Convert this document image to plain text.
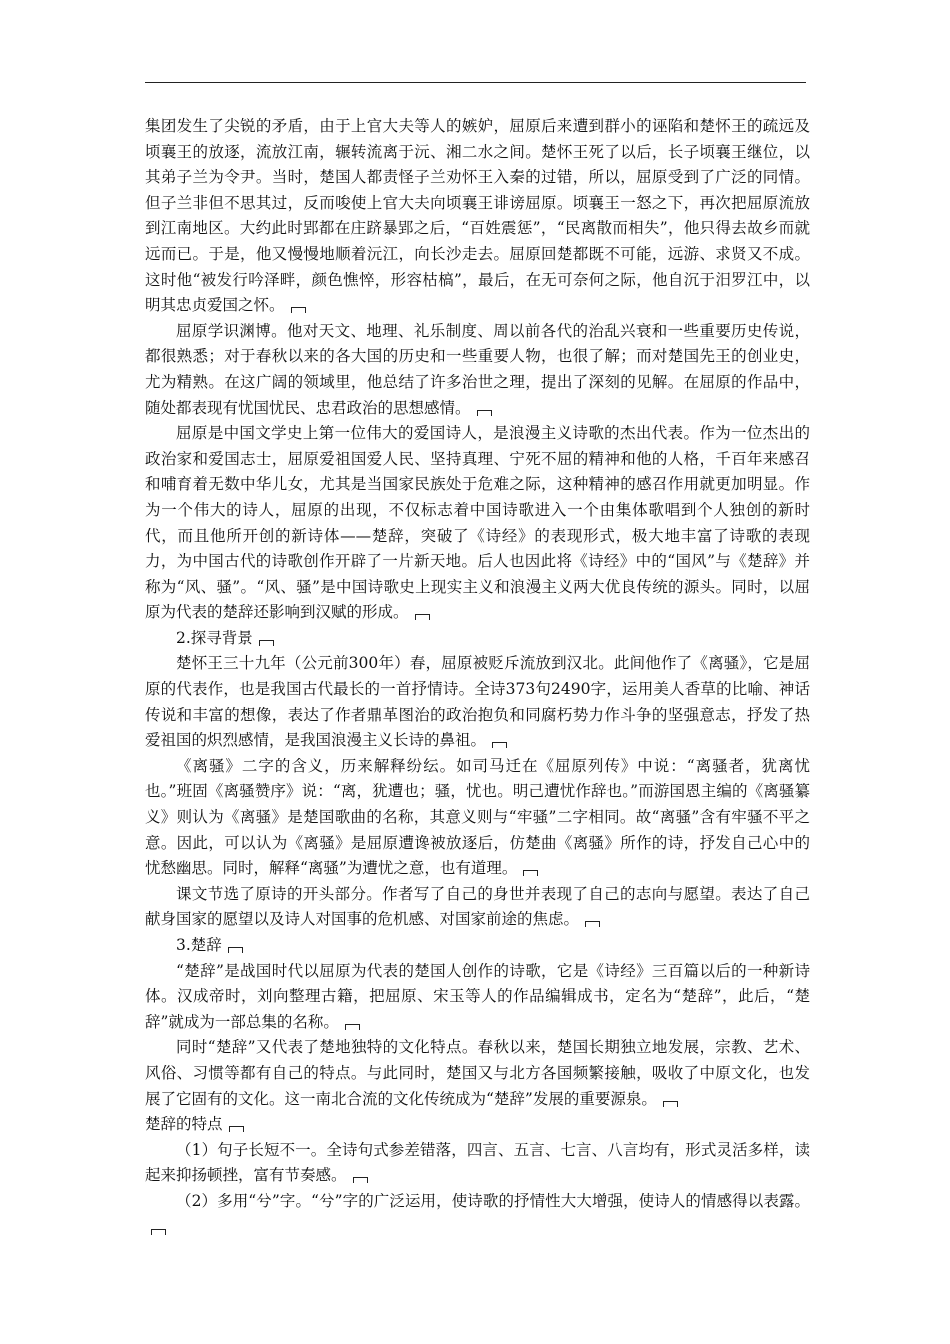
集团发生了尖锐的矛盾，由于上官大夫等人的嫉妒，屈原后来遭到群小的诬陷和楚怀王的疏远及顷襄王的放逐，流放江南，辗转流离于沅、湘二水之间。楚怀王死了以后，长子顷襄王继位，以其弟子兰为令尹。当时，楚国人都责怪子兰劝怀王入秦的过错，所以，屈原受到了广泛的同情。但子兰非但不思其过，反而唆使上官大夫向顷襄王诽谤屈原。顷襄王一怒之下，再次把屈原流放到江南地区。大约此时郢都在庄跻暴郢之后，“百姓震惩”，“民离散而相失”，他只得去故乡而就远而已。于是，他又慢慢地顺着沅江，向长沙走去。屈原回楚都既不可能，远游、求贤又不成。这时他“被发行吟泽畔，颜色憔悴，形容枯槁”，最后，在无可奈何之际，他自沉于汨罗江中，以明其忠贞爱国之怀。

屈原学识渊博。他对天文、地理、礼乐制度、周以前各代的治乱兴衰和一些重要历史传说，都很熟悉；对于春秋以来的各大国的历史和一些重要人物，也很了解；而对楚国先王的创业史，尤为精熟。在这广阔的领域里，他总结了许多治世之理，提出了深刻的见解。在屈原的作品中，随处都表现有忧国忧民、忠君政治的思想感情。

屈原是中国文学史上第一位伟大的爱国诗人，是浪漫主义诗歌的杰出代表。作为一位杰出的政治家和爱国志士，屈原爱祖国爱人民、坚持真理、宁死不屈的精神和他的人格，千百年来感召和哺育着无数中华儿女，尤其是当国家民族处于危难之际，这种精神的感召作用就更加明显。作为一个伟大的诗人，屈原的出现，不仅标志着中国诗歌进入一个由集体歌唱到个人独创的新时代，而且他所开创的新诗体——楚辞，突破了《诗经》的表现形式，极大地丰富了诗歌的表现力，为中国古代的诗歌创作开辟了一片新天地。后人也因此将《诗经》中的“国风”与《楚辞》并称为“风、骚”。“风、骚”是中国诗歌史上现实主义和浪漫主义两大优良传统的源头。同时，以屈原为代表的楚辞还影响到汉赋的形成。

2.探寻背景

楚怀王三十九年（公元前300年）春，屈原被贬斥流放到汉北。此间他作了《离骚》，它是屈原的代表作，也是我国古代最长的一首抒情诗。全诗373句2490字，运用美人香草的比喻、神话传说和丰富的想像，表达了作者鼎革图治的政治抱负和同腐朽势力作斗争的坚强意志，抒发了热爱祖国的炽烈感情，是我国浪漫主义长诗的鼻祖。

《离骚》二字的含义，历来解释纷纭。如司马迁在《屈原列传》中说：“离骚者，犹离忧也。”班固《离骚赞序》说：“离，犹遭也；骚，忧也。明己遭忧作辞也。”而游国恩主编的《离骚纂义》则认为《离骚》是楚国歌曲的名称，其意义则与“牢骚”二字相同。故“离骚”含有牢骚不平之意。因此，可以认为《离骚》是屈原遭谗被放逐后，仿楚曲《离骚》所作的诗，抒发自己心中的忧愁幽思。同时，解释“离骚”为遭忧之意，也有道理。

课文节选了原诗的开头部分。作者写了自己的身世并表现了自己的志向与愿望。表达了自己献身国家的愿望以及诗人对国事的危机感、对国家前途的焦虑。

3.楚辞

“楚辞”是战国时代以屈原为代表的楚国人创作的诗歌，它是《诗经》三百篇以后的一种新诗体。汉成帝时，刘向整理古籍，把屈原、宋玉等人的作品编辑成书，定名为“楚辞”，此后，“楚辞”就成为一部总集的名称。

同时“楚辞”又代表了楚地独特的文化特点。春秋以来，楚国长期独立地发展，宗教、艺术、风俗、习惯等都有自己的特点。与此同时，楚国又与北方各国频繁接触，吸收了中原文化，也发展了它固有的文化。这一南北合流的文化传统成为“楚辞”发展的重要源泉。

楚辞的特点

（1）句子长短不一。全诗句式参差错落，四言、五言、七言、八言均有，形式灵活多样，读起来抑扬顿挫，富有节奏感。

（2）多用“兮”字。“兮”字的广泛运用，使诗歌的抒情性大大增强，使诗人的情感得以表露。
